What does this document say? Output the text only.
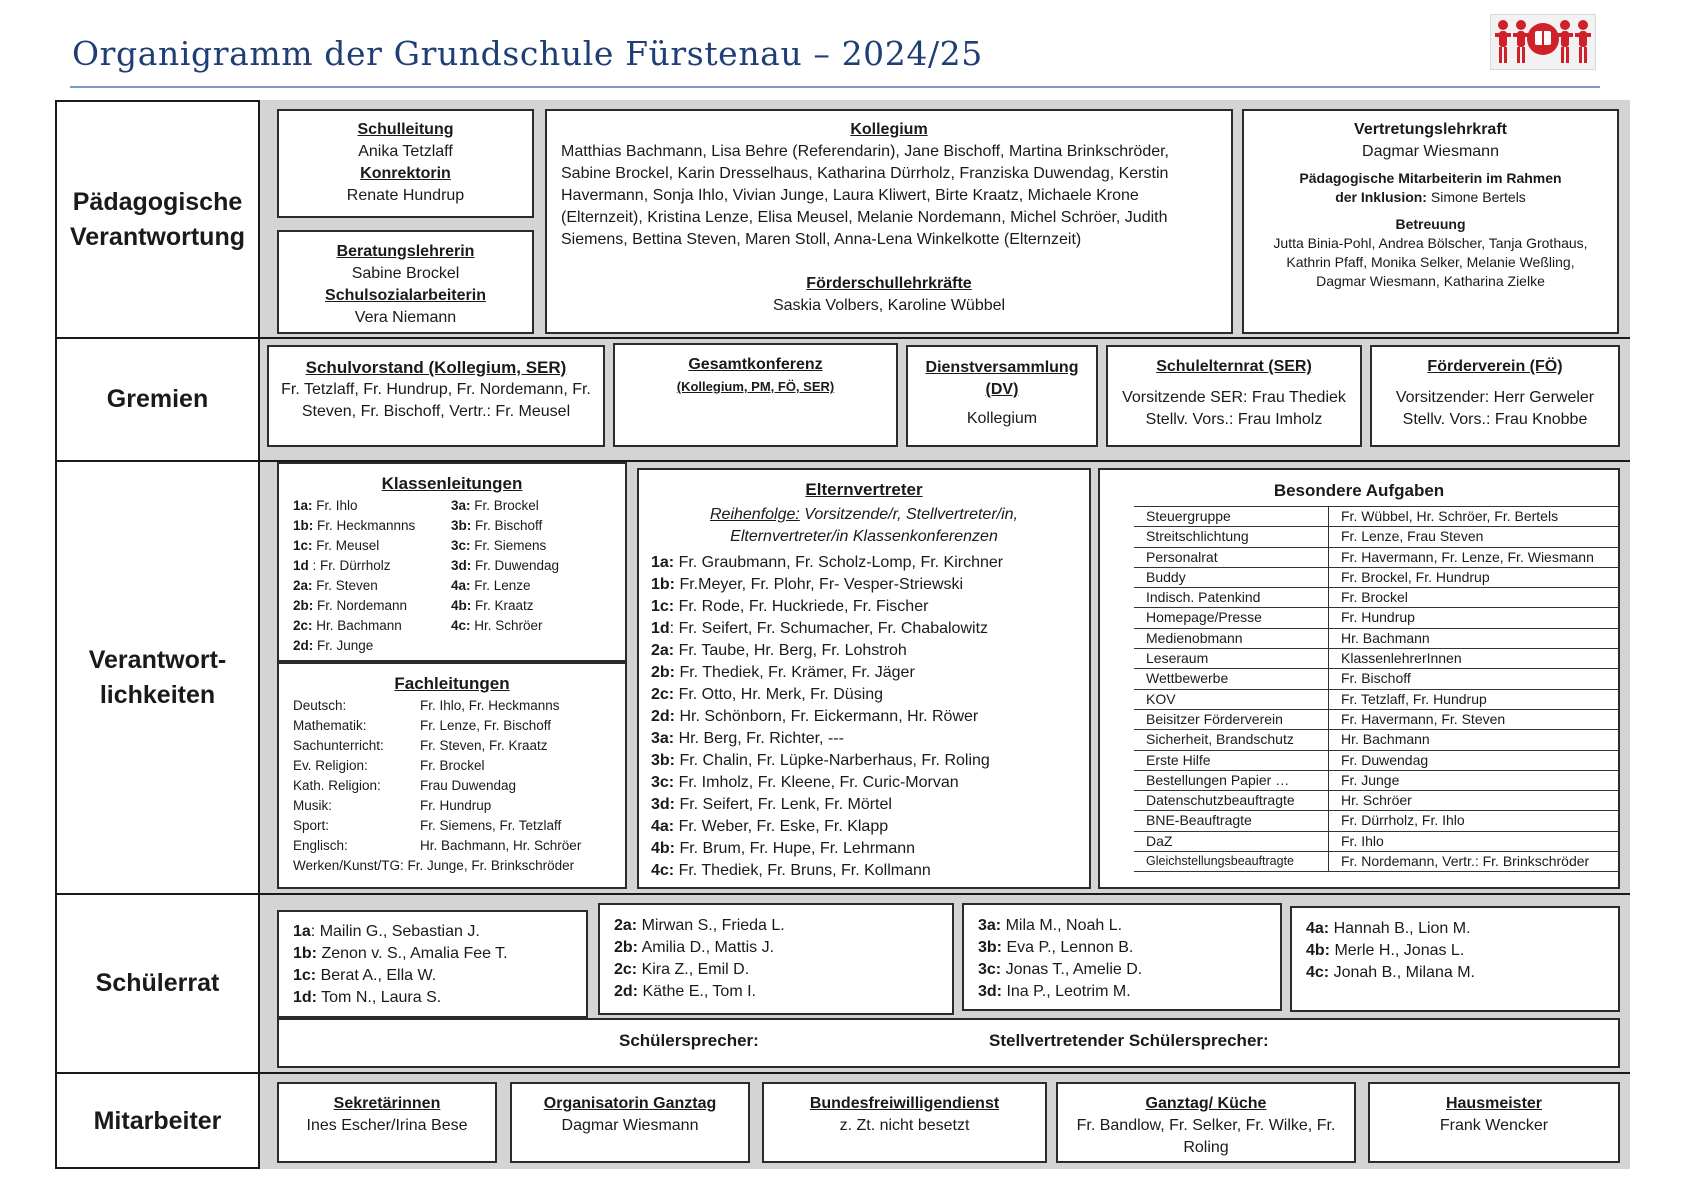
Organigramm der Grundschule Fürstenau – 2024/25
Pädagogische Verantwortung
Gremien
Verantwort-
lichkeiten
Schülerrat
Mitarbeiter
Schulleitung
Anika Tetzlaff
Konrektorin
Renate Hundrup
Beratungslehrerin
Sabine Brockel
Schulsozialarbeiterin
Vera Niemann
Kollegium
Matthias Bachmann, Lisa Behre (Referendarin), Jane Bischoff, Martina Brinkschröder, Sabine Brockel, Karin Dresselhaus, Katharina Dürrholz, Franziska Duwendag, Kerstin Havermann, Sonja Ihlo, Vivian Junge, Laura Kliwert, Birte Kraatz, Michaele Krone (Elternzeit), Kristina Lenze, Elisa Meusel, Melanie Nordemann, Michel Schröer, Judith Siemens, Bettina Steven, Maren Stoll, Anna-Lena Winkelkotte (Elternzeit)
Förderschullehrkräfte
Saskia Volbers, Karoline Wübbel
Vertretungslehrkraft
Dagmar Wiesmann
Pädagogische Mitarbeiterin im Rahmen
der Inklusion: Simone Bertels
Betreuung
Jutta Binia-Pohl, Andrea Bölscher, Tanja Grothaus, Kathrin Pfaff, Monika Selker, Melanie Weßling, Dagmar Wiesmann, Katharina Zielke
Schulvorstand (Kollegium, SER)
Fr. Tetzlaff, Fr. Hundrup, Fr. Nordemann, Fr. Steven, Fr. Bischoff, Vertr.: Fr. Meusel
Gesamtkonferenz
(Kollegium, PM, FÖ, SER)
Dienstversammlung (DV)
Kollegium
Schulelternrat (SER)
Vorsitzende SER: Frau Thediek
Stellv. Vors.: Frau Imholz
Förderverein (FÖ)
Vorsitzender: Herr Gerweler
Stellv. Vors.: Frau Knobbe
Klassenleitungen
1a: Fr. Ihlo
1b: Fr. Heckmannns
1c: Fr. Meusel
1d : Fr. Dürrholz
2a: Fr. Steven
2b: Fr. Nordemann
2c: Hr. Bachmann
2d: Fr. Junge
3a: Fr. Brockel
3b: Fr. Bischoff
3c: Fr. Siemens
3d: Fr. Duwendag
4a: Fr. Lenze
4b: Fr. Kraatz
4c: Hr. Schröer
Fachleitungen
Deutsch:	Fr. Ihlo, Fr. Heckmanns
Mathematik:	Fr. Lenze, Fr. Bischoff
Sachunterricht:	Fr. Steven, Fr. Kraatz
Ev. Religion:	Fr. Brockel
Kath. Religion:	Frau Duwendag
Musik:	Fr. Hundrup
Sport:	Fr. Siemens, Fr. Tetzlaff
Englisch:	Hr. Bachmann, Hr. Schröer
Werken/Kunst/TG: Fr. Junge, Fr. Brinkschröder
Elternvertreter
Reihenfolge: Vorsitzende/r, Stellvertreter/in,
Elternvertreter/in Klassenkonferenzen
1a: Fr. Graubmann, Fr. Scholz-Lomp, Fr. Kirchner
1b: Fr.Meyer, Fr. Plohr, Fr- Vesper-Striewski
1c: Fr. Rode, Fr. Huckriede, Fr. Fischer
1d: Fr. Seifert, Fr. Schumacher, Fr. Chabalowitz
2a: Fr. Taube, Hr. Berg, Fr. Lohstroh
2b: Fr. Thediek, Fr. Krämer, Fr. Jäger
2c: Fr. Otto, Hr. Merk, Fr. Düsing
2d: Hr. Schönborn, Fr. Eickermann, Hr. Röwer
3a: Hr. Berg, Fr. Richter, ---
3b: Fr. Chalin, Fr. Lüpke-Narberhaus, Fr. Roling
3c: Fr. Imholz, Fr. Kleene, Fr. Curic-Morvan
3d: Fr. Seifert, Fr. Lenk, Fr. Mörtel
4a: Fr. Weber, Fr. Eske, Fr. Klapp
4b: Fr. Brum, Fr. Hupe, Fr. Lehrmann
4c: Fr. Thediek, Fr. Bruns, Fr. Kollmann
Besondere Aufgaben
Steuergruppe	Fr. Wübbel, Hr. Schröer, Fr. Bertels
Streitschlichtung	Fr. Lenze, Frau Steven
Personalrat	Fr. Havermann, Fr. Lenze, Fr. Wiesmann
Buddy	Fr. Brockel, Fr. Hundrup
Indisch. Patenkind	Fr. Brockel
Homepage/Presse	Fr. Hundrup
Medienobmann	Hr. Bachmann
Leseraum	KlassenlehrerInnen
Wettbewerbe	Fr. Bischoff
KOV	Fr. Tetzlaff, Fr. Hundrup
Beisitzer Förderverein	Fr. Havermann, Fr. Steven
Sicherheit, Brandschutz	Hr. Bachmann
Erste Hilfe	Fr. Duwendag
Bestellungen Papier …	Fr. Junge
Datenschutzbeauftragte	Hr. Schröer
BNE-Beauftragte	Fr. Dürrholz, Fr. Ihlo
DaZ	Fr. Ihlo
Gleichstellungsbeauftragte	Fr. Nordemann, Vertr.: Fr. Brinkschröder
1a: Mailin G., Sebastian J.
1b: Zenon v. S., Amalia Fee T.
1c: Berat A., Ella W.
1d: Tom N., Laura S.
2a: Mirwan S., Frieda L.
2b: Amilia D., Mattis J.
2c: Kira Z., Emil D.
2d: Käthe E., Tom I.
3a: Mila M., Noah L.
3b: Eva P., Lennon B.
3c: Jonas T., Amelie D.
3d: Ina P., Leotrim M.
4a: Hannah B., Lion M.
4b: Merle H., Jonas L.
4c: Jonah B., Milana M.
Schülersprecher:	Stellvertretender Schülersprecher:
Sekretärinnen
Ines Escher/Irina Bese
Organisatorin Ganztag
Dagmar Wiesmann
Bundesfreiwilligendienst
z. Zt. nicht besetzt
Ganztag/ Küche
Fr. Bandlow, Fr. Selker, Fr. Wilke, Fr. Roling
Hausmeister
Frank Wencker
